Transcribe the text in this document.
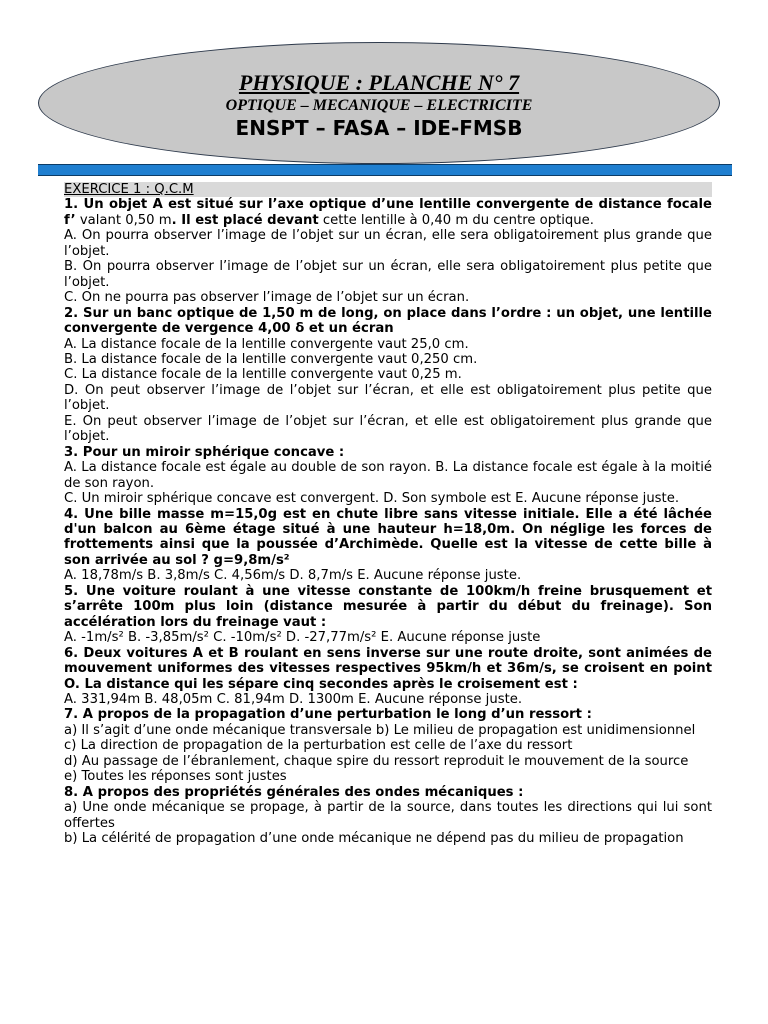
PHYSIQUE : PLANCHE N° 7
OPTIQUE – MECANIQUE – ELECTRICITE
ENSPT – FASA – IDE-FMSB

EXERCICE 1 : Q.C.M

1. Un objet A est situé sur l’axe optique d’une lentille convergente de distance focale f’ valant 0,50 m. Il est placé devant cette lentille à 0,40 m du centre optique.

A. On pourra observer l’image de l’objet sur un écran, elle sera obligatoirement plus grande que l’objet.

B. On pourra observer l’image de l’objet sur un écran, elle sera obligatoirement plus petite que l’objet.

C. On ne pourra pas observer l’image de l’objet sur un écran.

2. Sur un banc optique de 1,50 m de long, on place dans l’ordre : un objet, une lentille convergente de vergence 4,00 δ et un écran

A. La distance focale de la lentille convergente vaut 25,0 cm.

B. La distance focale de la lentille convergente vaut 0,250 cm.

C. La distance focale de la lentille convergente vaut 0,25 m.

D. On peut observer l’image de l’objet sur l’écran, et elle est obligatoirement plus petite que l’objet.

E. On peut observer l’image de l’objet sur l’écran, et elle est obligatoirement plus grande que l’objet.

3. Pour un miroir sphérique concave :

A. La distance focale est égale au double de son rayon. B. La distance focale est égale à la moitié de son rayon.

C. Un miroir sphérique concave est convergent. D. Son symbole est E. Aucune réponse juste.

4. Une bille masse m=15,0g est en chute libre sans vitesse initiale. Elle a été lâchée d'un balcon au 6ème étage situé à une hauteur h=18,0m. On néglige les forces de frottements ainsi que la poussée d’Archimède. Quelle est la vitesse de cette bille à son arrivée au sol ? g=9,8m/s²

A. 18,78m/s B. 3,8m/s C. 4,56m/s D. 8,7m/s E. Aucune réponse juste.

5. Une voiture roulant à une vitesse constante de 100km/h freine brusquement et s’arrête 100m plus loin (distance mesurée à partir du début du freinage). Son accélération lors du freinage vaut :

A. -1m/s² B. -3,85m/s² C. -10m/s² D. -27,77m/s² E. Aucune réponse juste

6. Deux voitures A et B roulant en sens inverse sur une route droite, sont animées de mouvement uniformes des vitesses respectives 95km/h et 36m/s, se croisent en point O. La distance qui les sépare cinq secondes après le croisement est :

A. 331,94m B. 48,05m C. 81,94m D. 1300m E. Aucune réponse juste.

7. A propos de la propagation d’une perturbation le long d’un ressort :

a) Il s’agit d’une onde mécanique transversale b) Le milieu de propagation est unidimensionnel

c) La direction de propagation de la perturbation est celle de l’axe du ressort

d) Au passage de l’ébranlement, chaque spire du ressort reproduit le mouvement de la source

e) Toutes les réponses sont justes

8. A propos des propriétés générales des ondes mécaniques :

a) Une onde mécanique se propage, à partir de la source, dans toutes les directions qui lui sont offertes

b) La célérité de propagation d’une onde mécanique ne dépend pas du milieu de propagation
